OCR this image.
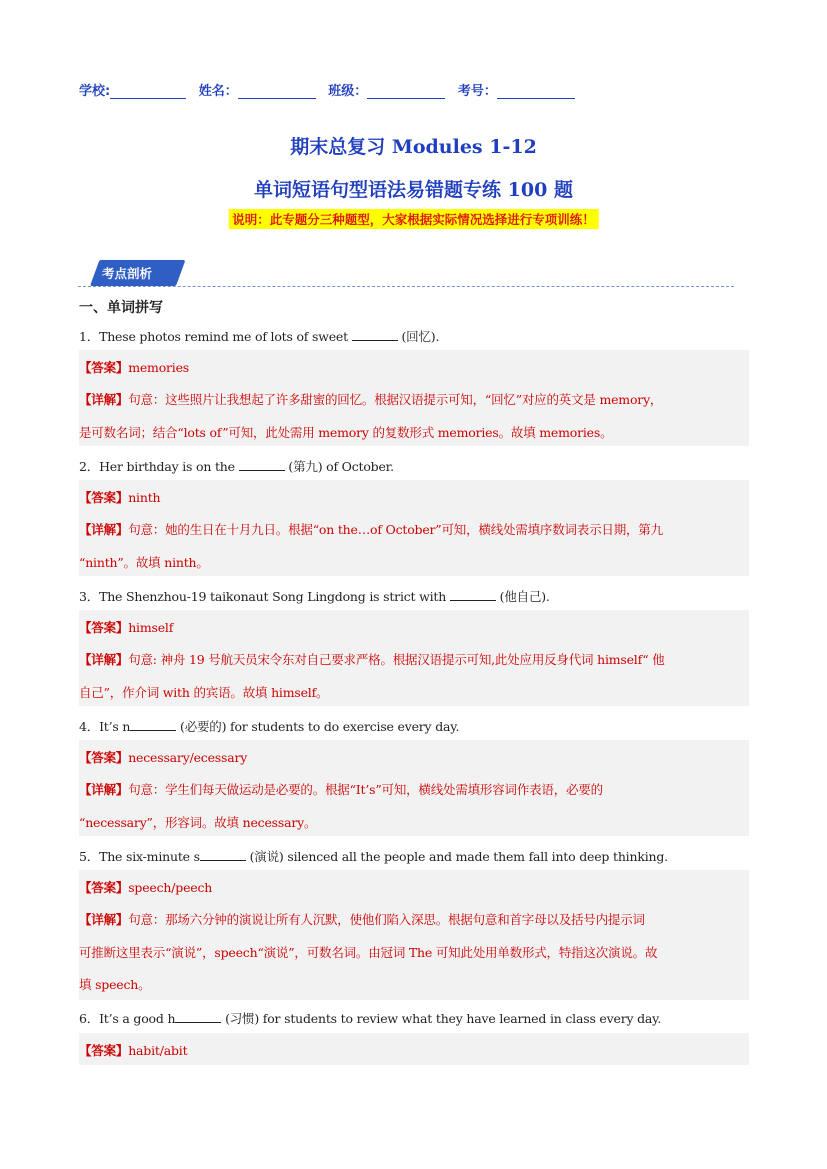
学校:	姓名：	班级：	考号：
期末总复习 Modules 1-12
单词短语句型语法易错题专练 100 题
说明：此专题分三种题型，大家根据实际情况选择进行专项训练！
考点剖析
一、单词拼写
1．These photos remind me of lots of sweet	(回忆).
【答案】memories
【详解】句意：这些照片让我想起了许多甜蜜的回忆。根据汉语提示可知，“回忆”对应的英文是 memory，
是可数名词；结合“lots of”可知，此处需用 memory 的复数形式 memories。故填 memories。
2．Her birthday is on the	(第九) of October.
【答案】ninth
【详解】句意：她的生日在十月九日。根据“on the…of October”可知，横线处需填序数词表示日期，第九
“ninth”。故填 ninth。
3．The Shenzhou-19 taikonaut Song Lingdong is strict with	(他自己).
【答案】himself
【详解】句意: 神舟 19 号航天员宋令东对自己要求严格。根据汉语提示可知,此处应用反身代词 himself“ 他
自己”，作介词 with 的宾语。故填 himself。
4．It’s n	(必要的) for students to do exercise every day.
【答案】necessary/ecessary
【详解】句意：学生们每天做运动是必要的。根据“It’s”可知，横线处需填形容词作表语，必要的
“necessary”，形容词。故填 necessary。
5．The six-minute s	(演说) silenced all the people and made them fall into deep thinking.
【答案】speech/peech
【详解】句意：那场六分钟的演说让所有人沉默，使他们陷入深思。根据句意和首字母以及括号内提示词
可推断这里表示“演说”，speech“演说”，可数名词。由冠词 The 可知此处用单数形式，特指这次演说。故
填 speech。
6．It’s a good h	(习惯) for students to review what they have learned in class every day.
【答案】habit/abit
